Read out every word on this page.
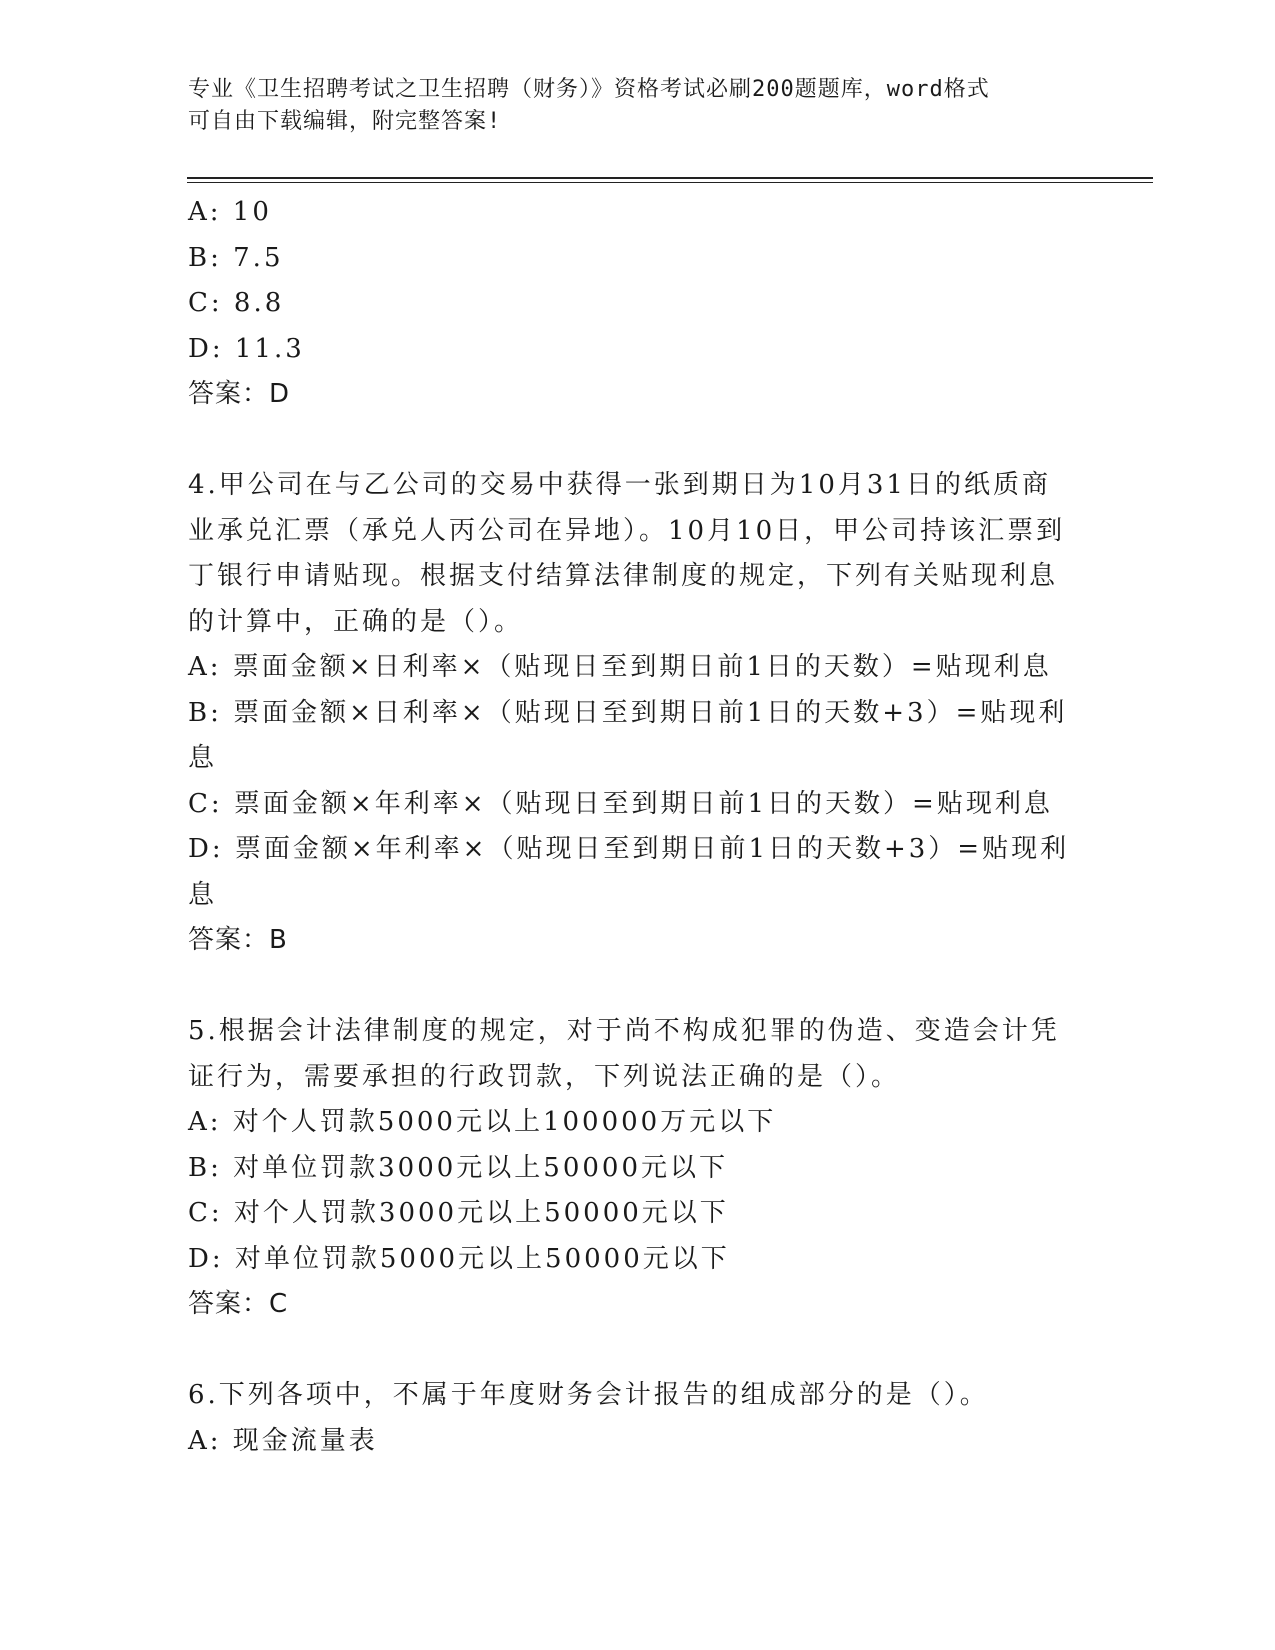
专业《卫生招聘考试之卫生招聘（财务）》资格考试必刷200题题库，word格式
可自由下载编辑，附完整答案!
A: 10
B: 7.5
C: 8.8
D: 11.3
答案：D
4.甲公司在与乙公司的交易中获得一张到期日为10月31日的纸质商
业承兑汇票（承兑人丙公司在异地）。10月10日，甲公司持该汇票到
丁银行申请贴现。根据支付结算法律制度的规定，下列有关贴现利息
的计算中，正确的是（）。
A: 票面金额×日利率×（贴现日至到期日前1日的天数）=贴现利息
B: 票面金额×日利率×（贴现日至到期日前1日的天数+3）=贴现利
息
C: 票面金额×年利率×（贴现日至到期日前1日的天数）=贴现利息
D: 票面金额×年利率×（贴现日至到期日前1日的天数+3）=贴现利
息
答案：B
5.根据会计法律制度的规定，对于尚不构成犯罪的伪造、变造会计凭
证行为，需要承担的行政罚款，下列说法正确的是（）。
A: 对个人罚款5000元以上100000万元以下
B: 对单位罚款3000元以上50000元以下
C: 对个人罚款3000元以上50000元以下
D: 对单位罚款5000元以上50000元以下
答案：C
6.下列各项中，不属于年度财务会计报告的组成部分的是（）。
A: 现金流量表
